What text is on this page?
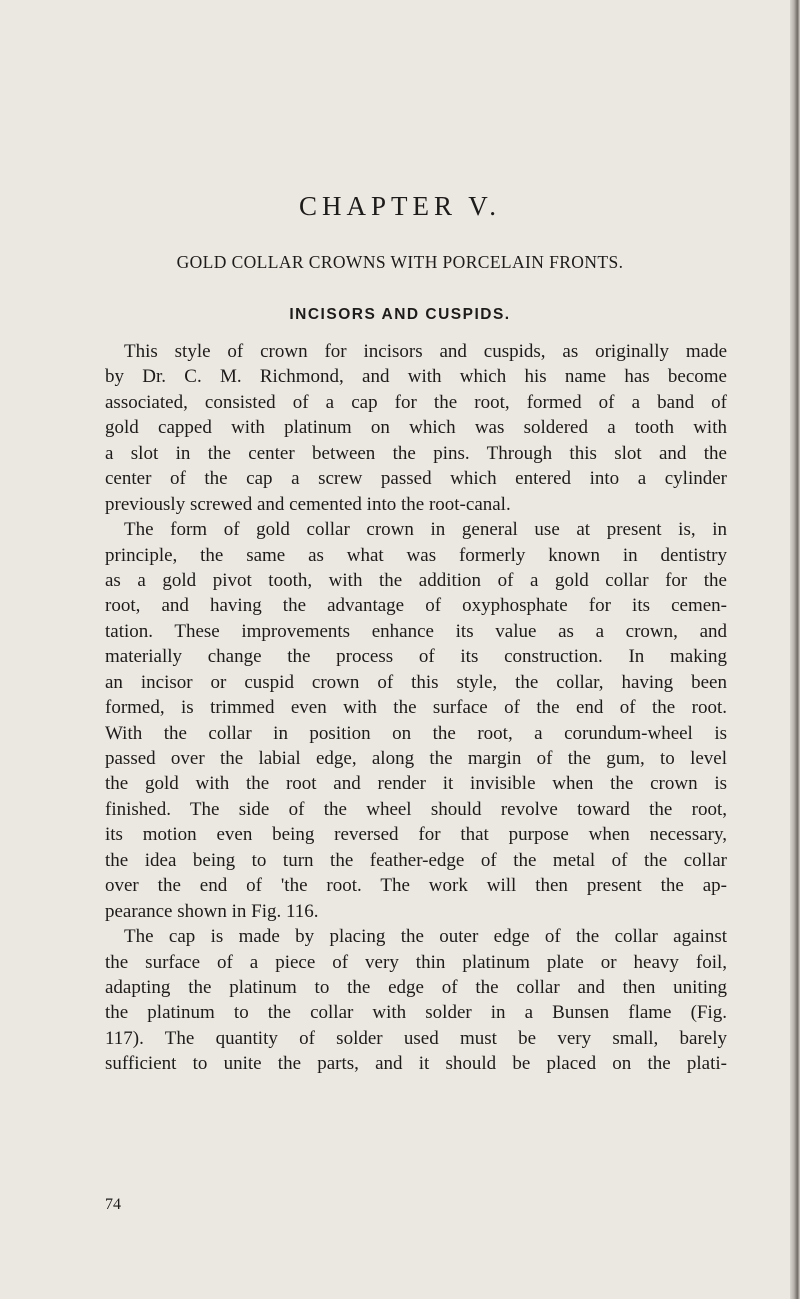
CHAPTER V.
GOLD COLLAR CROWNS WITH PORCELAIN FRONTS.
INCISORS AND CUSPIDS.
This style of crown for incisors and cuspids, as originally made
by Dr. C. M. Richmond, and with which his name has become
associated, consisted of a cap for the root, formed of a band of
gold capped with platinum on which was soldered a tooth with
a slot in the center between the pins. Through this slot and the
center of the cap a screw passed which entered into a cylinder
previously screwed and cemented into the root-canal.
The form of gold collar crown in general use at present is, in
principle, the same as what was formerly known in dentistry
as a gold pivot tooth, with the addition of a gold collar for the
root, and having the advantage of oxyphosphate for its cemen-
tation. These improvements enhance its value as a crown, and
materially change the process of its construction. In making
an incisor or cuspid crown of this style, the collar, having been
formed, is trimmed even with the surface of the end of the root.
With the collar in position on the root, a corundum-wheel is
passed over the labial edge, along the margin of the gum, to level
the gold with the root and render it invisible when the crown is
finished. The side of the wheel should revolve toward the root,
its motion even being reversed for that purpose when necessary,
the idea being to turn the feather-edge of the metal of the collar
over the end of 'the root. The work will then present the ap-
pearance shown in Fig. 116.
The cap is made by placing the outer edge of the collar against
the surface of a piece of very thin platinum plate or heavy foil,
adapting the platinum to the edge of the collar and then uniting
the platinum to the collar with solder in a Bunsen flame (Fig.
117). The quantity of solder used must be very small, barely
sufficient to unite the parts, and it should be placed on the plati-
74
